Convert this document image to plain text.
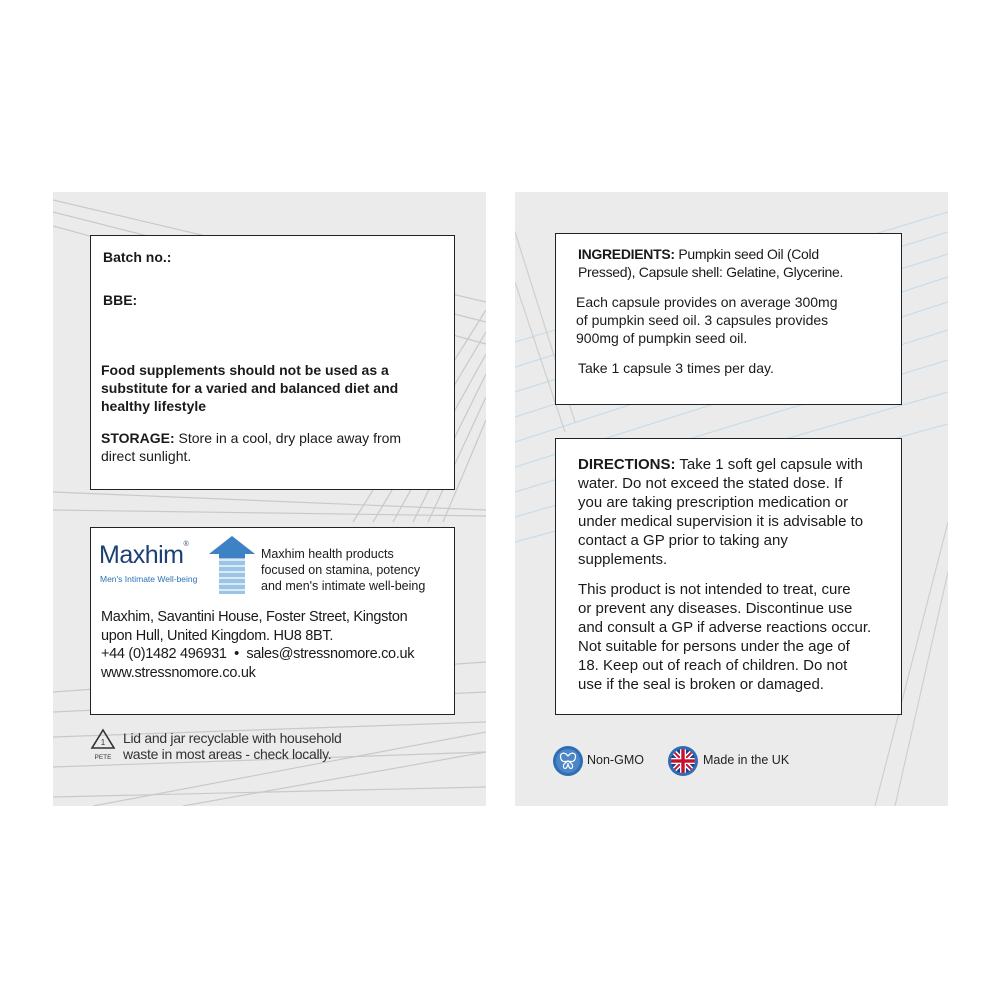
Batch no.:

BBE:

Food supplements should not be used as a substitute for a varied and balanced diet and healthy lifestyle

STORAGE: Store in a cool, dry place away from direct sunlight.

Maxhim®
Men's Intimate Well-being
Maxhim health products
focused on stamina, potency
and men's intimate well-being
Maxhim, Savantini House, Foster Street, Kingston
upon Hull, United Kingdom. HU8 8BT.
+44 (0)1482 496931 • sales@stressnomore.co.uk
www.stressnomore.co.uk
1
PETE
Lid and jar recyclable with household
waste in most areas - check locally.
INGREDIENTS: Pumpkin seed Oil (Cold
Pressed), Capsule shell: Gelatine, Glycerine.
Each capsule provides on average 300mg
of pumpkin seed oil. 3 capsules provides
900mg of pumpkin seed oil.

Take 1 capsule 3 times per day.

DIRECTIONS: Take 1 soft gel capsule with
water. Do not exceed the stated dose. If
you are taking prescription medication or
under medical supervision it is advisable to
contact a GP prior to taking any
supplements.
This product is not intended to treat, cure
or prevent any diseases. Discontinue use
and consult a GP if adverse reactions occur.
Not suitable for persons under the age of
18. Keep out of reach of children. Do not
use if the seal is broken or damaged.
Non-GMO	Made in the UK
